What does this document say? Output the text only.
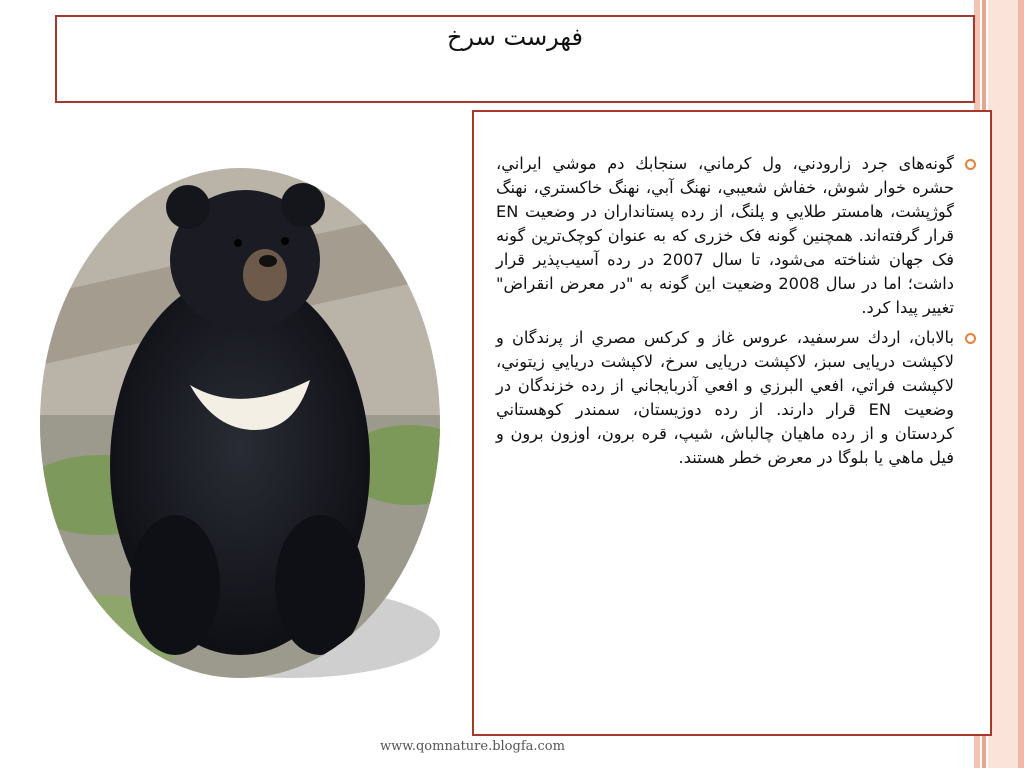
فهرست سرخ
گونه‌های جرد زارودني، ول كرماني، سنجابك دم موشي ايراني، حشره خوار شوش، خفاش شعيبي، نهنگ آبي، نهنگ خاكستري، نهنگ گوژپشت، هامستر طلايي و پلنگ، از رده پستانداران در وضعيت EN قرار گرفته‌اند. همچنین گونه فک خزری که به عنوان کوچک‌ترین گونه فک جهان شناخته می‌شود، تا سال 2007 در رده آسیب‌پذیر قرار داشت؛ اما در سال 2008 وضعیت این گونه به "در معرض انقراض" تغییر پیدا کرد.
بالابان، اردك سرسفيد، عروس غاز و كركس مصري از پرندگان و لاکپشت دریایی سبز، لاکپشت دریایی سرخ، لاكپشت دريايي زيتوني، لاكپشت فراتي، افعي البرزي و افعي آذربايجاني از رده خزندگان در وضعيت EN قرار دارند. از رده دوزيستان، سمندر كوهستاني كردستان و از رده ماهيان چالباش، شيپ، قره برون، اوزون برون و فيل ماهي يا بلوگا در معرض خطر هستند.
www.qomnature.blogfa.com
